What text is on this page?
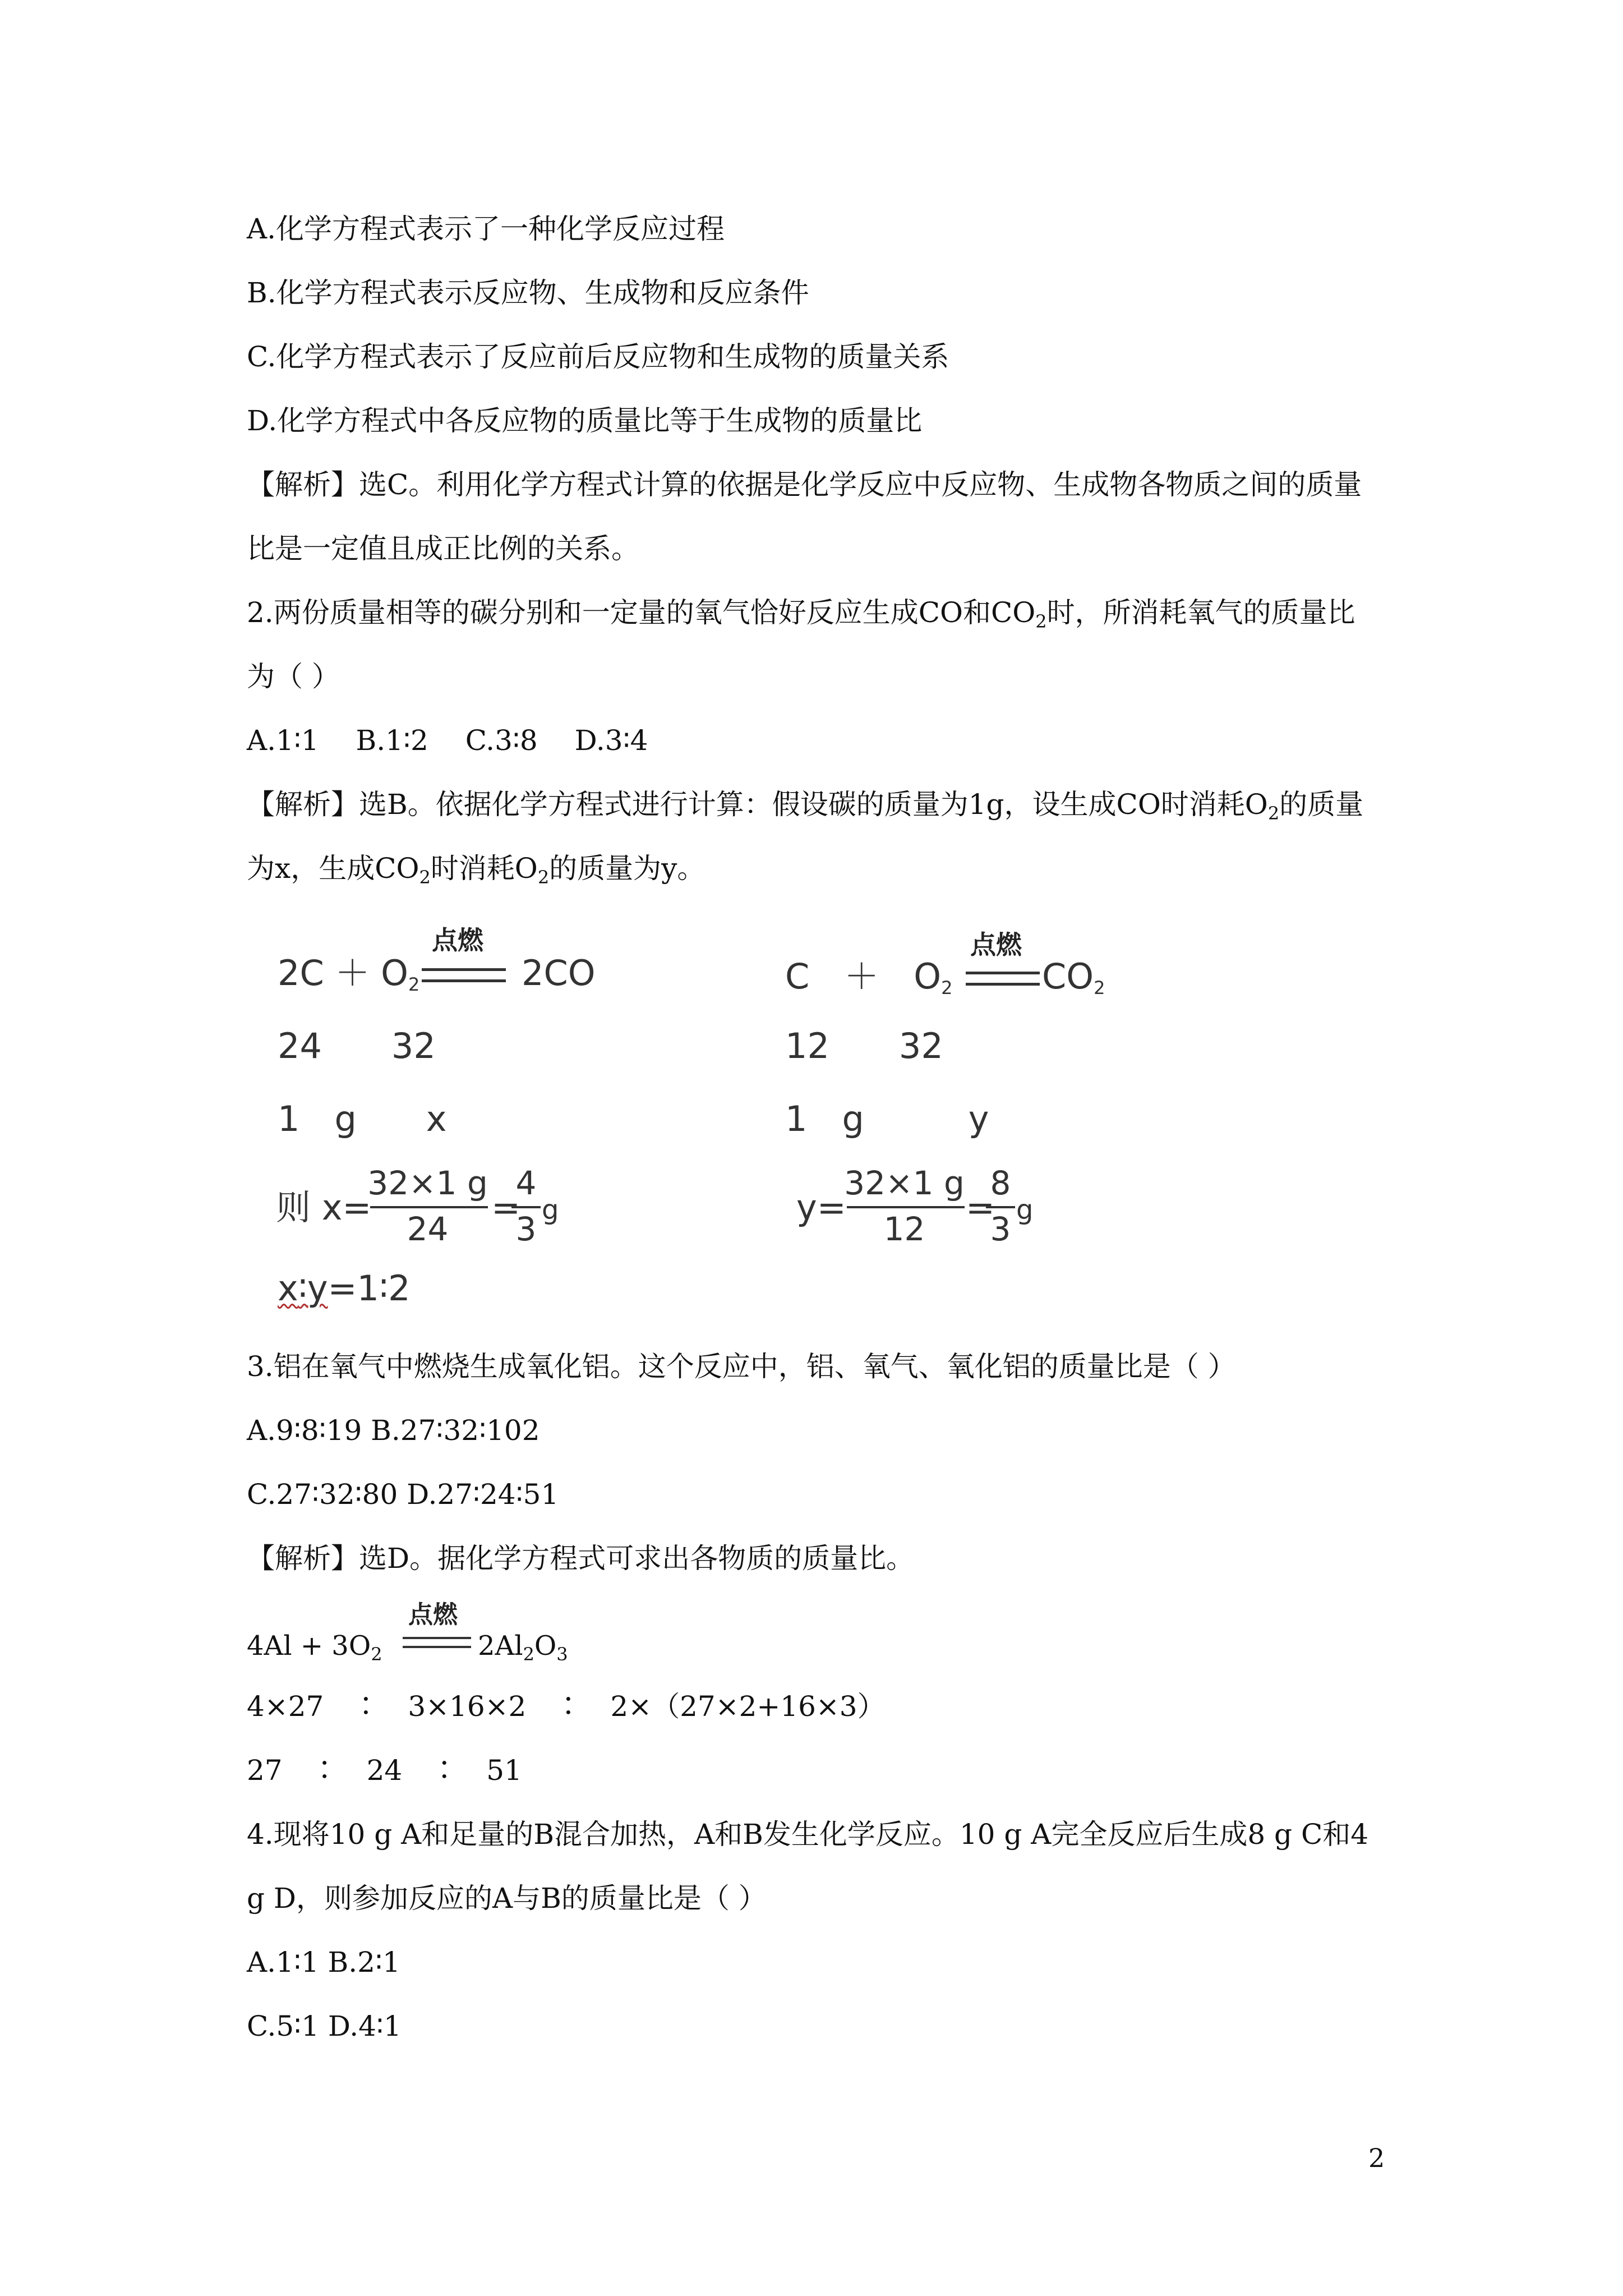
A.化学方程式表示了一种化学反应过程
B.化学方程式表示反应物、生成物和反应条件
C.化学方程式表示了反应前后反应物和生成物的质量关系
D.化学方程式中各反应物的质量比等于生成物的质量比
【解析】选C。利用化学方程式计算的依据是化学反应中反应物、生成物各物质之间的质量
比是一定值且成正比例的关系。
2.两份质量相等的碳分别和一定量的氧气恰好反应生成CO和$CO_2$时，所消耗氧气的质量比
为（ ）
A.1∶1　 B.1∶2　 C.3∶8　 D.3∶4
【解析】选B。依据化学方程式进行计算：假设碳的质量为1g，设生成CO时消耗$O_2$的质量
为x，生成$CO_2$时消耗$O_2$的质量为y。
点燃
$2C + O_2$	2CO
24　　32
1　g　　x
则 x=
32×1 g
24
=
4
3 g
x∶y=1∶2
点燃
C　＋　$O_2$	$CO_2$
12　　32
1　g　　　y
y=
32×1 g
12
=
8
3 g
3.铝在氧气中燃烧生成氧化铝。这个反应中，铝、氧气、氧化铝的质量比是（ ）
A.9∶8∶19 B.27∶32∶102
C.27∶32∶80 D.27∶24∶51
【解析】选D。据化学方程式可求出各物质的质量比。
点燃
$4Al + 3O_2$	$2Al_2O_3$
4×27　∶　3×16×2　∶　2×（27×2+16×3）
27　∶　24　∶　51
4.现将10 g A和足量的B混合加热，A和B发生化学反应。10 g A完全反应后生成8 g C和4
g D，则参加反应的A与B的质量比是（ ）
A.1∶1 B.2∶1
C.5∶1 D.4∶1
2
